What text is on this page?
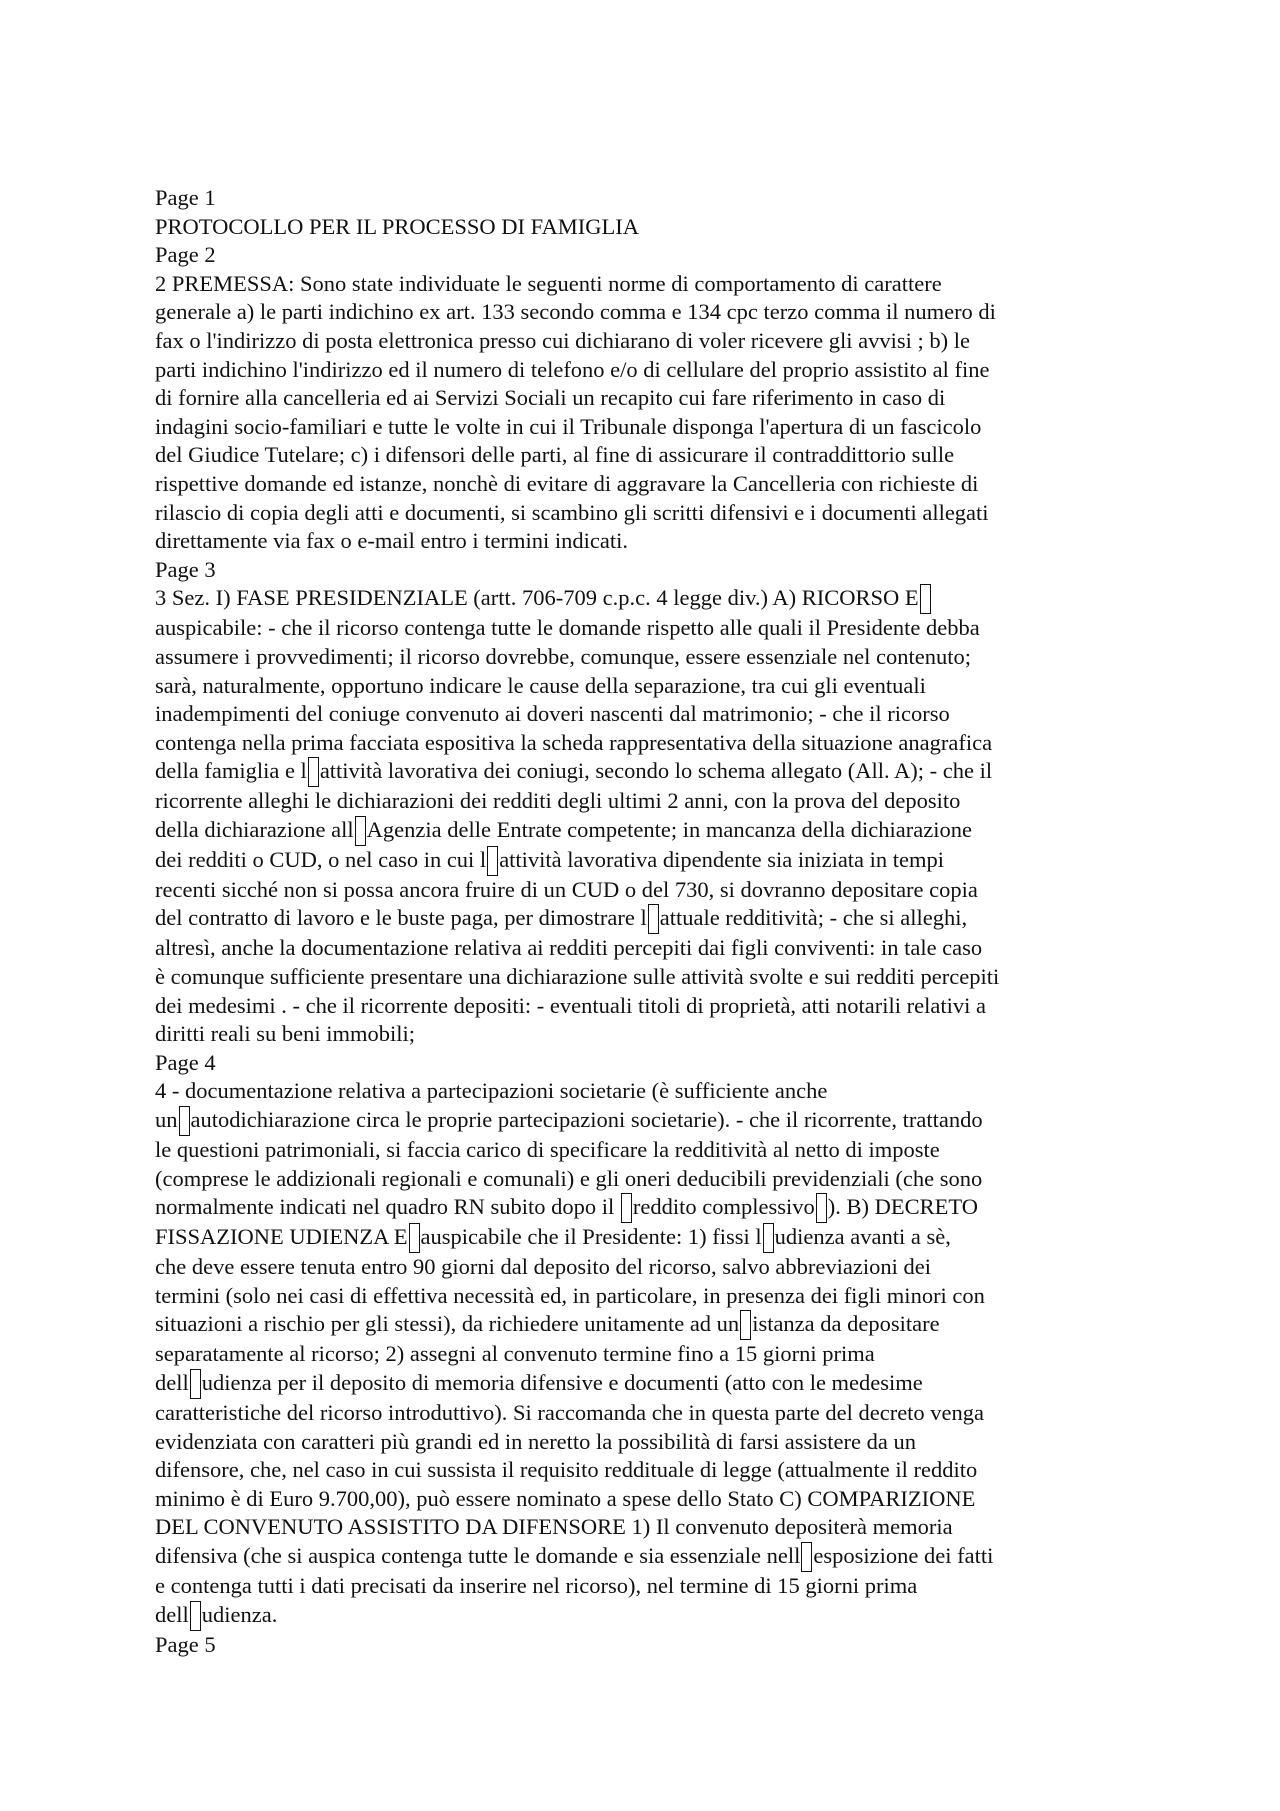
Page 1
PROTOCOLLO PER IL PROCESSO DI FAMIGLIA
Page 2
2 PREMESSA: Sono state individuate le seguenti norme di comportamento di carattere
generale a) le parti indichino ex art. 133 secondo comma e 134 cpc terzo comma il numero di
fax o l'indirizzo di posta elettronica presso cui dichiarano di voler ricevere gli avvisi ; b) le
parti indichino l'indirizzo ed il numero di telefono e/o di cellulare del proprio assistito al fine
di fornire alla cancelleria ed ai Servizi Sociali un recapito cui fare riferimento in caso di
indagini socio-familiari e tutte le volte in cui il Tribunale disponga l'apertura di un fascicolo
del Giudice Tutelare; c) i difensori delle parti, al fine di assicurare il contraddittorio sulle
rispettive domande ed istanze, nonchè di evitare di aggravare la Cancelleria con richieste di
rilascio di copia degli atti e documenti, si scambino gli scritti difensivi e i documenti allegati
direttamente via fax o e-mail entro i termini indicati.
Page 3
3 Sez. I) FASE PRESIDENZIALE (artt. 706-709 c.p.c. 4 legge div.) A) RICORSO E
auspicabile: - che il ricorso contenga tutte le domande rispetto alle quali il Presidente debba
assumere i provvedimenti; il ricorso dovrebbe, comunque, essere essenziale nel contenuto;
sarà, naturalmente, opportuno indicare le cause della separazione, tra cui gli eventuali
inadempimenti del coniuge convenuto ai doveri nascenti dal matrimonio; - che il ricorso
contenga nella prima facciata espositiva la scheda rappresentativa della situazione anagrafica
della famiglia e l attività lavorativa dei coniugi, secondo lo schema allegato (All. A); - che il
ricorrente alleghi le dichiarazioni dei redditi degli ultimi 2 anni, con la prova del deposito
della dichiarazione all Agenzia delle Entrate competente; in mancanza della dichiarazione
dei redditi o CUD, o nel caso in cui l attività lavorativa dipendente sia iniziata in tempi
recenti sicché non si possa ancora fruire di un CUD o del 730, si dovranno depositare copia
del contratto di lavoro e le buste paga, per dimostrare l attuale redditività; - che si alleghi,
altresì, anche la documentazione relativa ai redditi percepiti dai figli conviventi: in tale caso
è comunque sufficiente presentare una dichiarazione sulle attività svolte e sui redditi percepiti
dei medesimi . - che il ricorrente depositi: - eventuali titoli di proprietà, atti notarili relativi a
diritti reali su beni immobili;
Page 4
4 - documentazione relativa a partecipazioni societarie (è sufficiente anche
un autodichiarazione circa le proprie partecipazioni societarie). - che il ricorrente, trattando
le questioni patrimoniali, si faccia carico di specificare la redditività al netto di imposte
(comprese le addizionali regionali e comunali) e gli oneri deducibili previdenziali (che sono
normalmente indicati nel quadro RN subito dopo il reddito complessivo ). B) DECRETO
FISSAZIONE UDIENZA E auspicabile che il Presidente: 1) fissi l udienza avanti a sè,
che deve essere tenuta entro 90 giorni dal deposito del ricorso, salvo abbreviazioni dei
termini (solo nei casi di effettiva necessità ed, in particolare, in presenza dei figli minori con
situazioni a rischio per gli stessi), da richiedere unitamente ad un istanza da depositare
separatamente al ricorso; 2) assegni al convenuto termine fino a 15 giorni prima
dell udienza per il deposito di memoria difensive e documenti (atto con le medesime
caratteristiche del ricorso introduttivo). Si raccomanda che in questa parte del decreto venga
evidenziata con caratteri più grandi ed in neretto la possibilità di farsi assistere da un
difensore, che, nel caso in cui sussista il requisito reddituale di legge (attualmente il reddito
minimo è di Euro 9.700,00), può essere nominato a spese dello Stato C) COMPARIZIONE
DEL CONVENUTO ASSISTITO DA DIFENSORE 1) Il convenuto depositerà memoria
difensiva (che si auspica contenga tutte le domande e sia essenziale nell esposizione dei fatti
e contenga tutti i dati precisati da inserire nel ricorso), nel termine di 15 giorni prima
dell udienza.
Page 5
